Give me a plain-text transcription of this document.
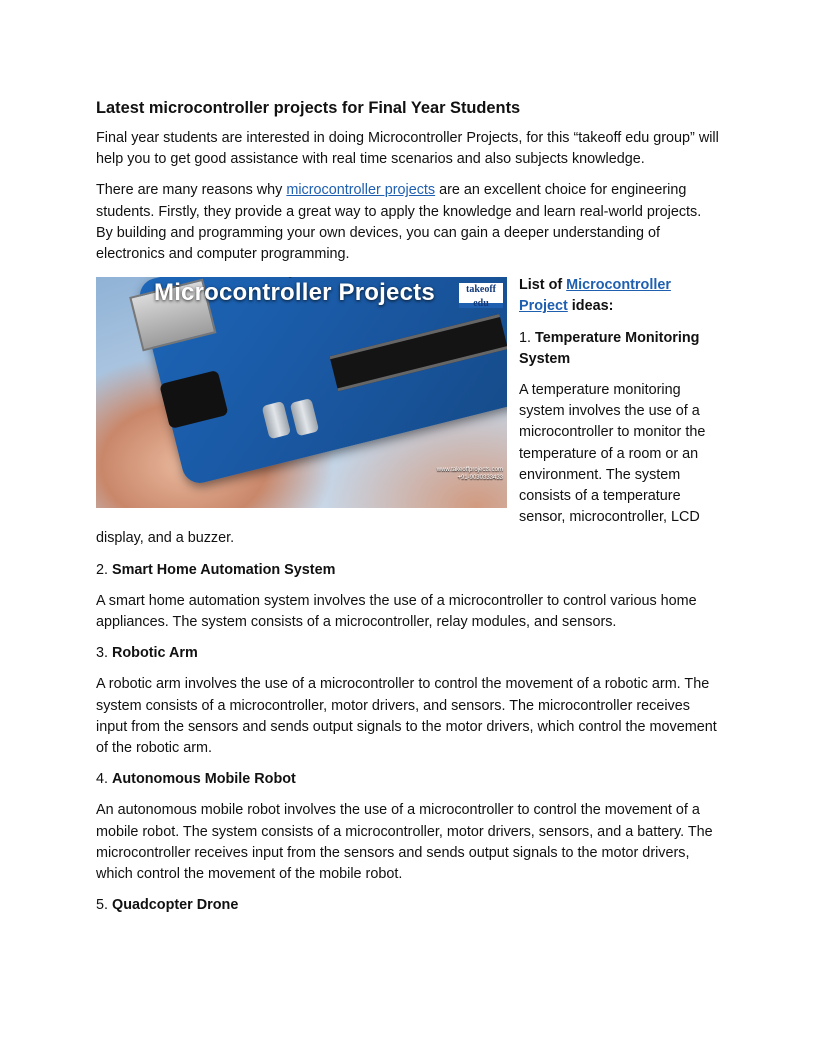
Latest microcontroller projects for Final Year Students

Final year students are interested in doing Microcontroller Projects, for this “takeoff edu group” will help you to get good assistance with real time scenarios and also subjects knowledge.

There are many reasons why microcontroller projects are an excellent choice for engineering students. Firstly, they provide a great way to apply the knowledge and learn real-world projects. By building and programming your own devices, you can gain a deeper understanding of electronics and computer programming.

Microcontroller Projects	takeoff edu
www.takeoffprojects.com
+91-9030333433

List of Microcontroller Project ideas:

1. Temperature Monitoring System

A temperature monitoring system involves the use of a microcontroller to monitor the temperature of a room or an environment. The system consists of a temperature sensor, microcontroller, LCD display, and a buzzer.

2. Smart Home Automation System

A smart home automation system involves the use of a microcontroller to control various home appliances. The system consists of a microcontroller, relay modules, and sensors.

3. Robotic Arm

A robotic arm involves the use of a microcontroller to control the movement of a robotic arm. The system consists of a microcontroller, motor drivers, and sensors. The microcontroller receives input from the sensors and sends output signals to the motor drivers, which control the movement of the robotic arm.

4. Autonomous Mobile Robot

An autonomous mobile robot involves the use of a microcontroller to control the movement of a mobile robot. The system consists of a microcontroller, motor drivers, sensors, and a battery. The microcontroller receives input from the sensors and sends output signals to the motor drivers, which control the movement of the mobile robot.

5. Quadcopter Drone
